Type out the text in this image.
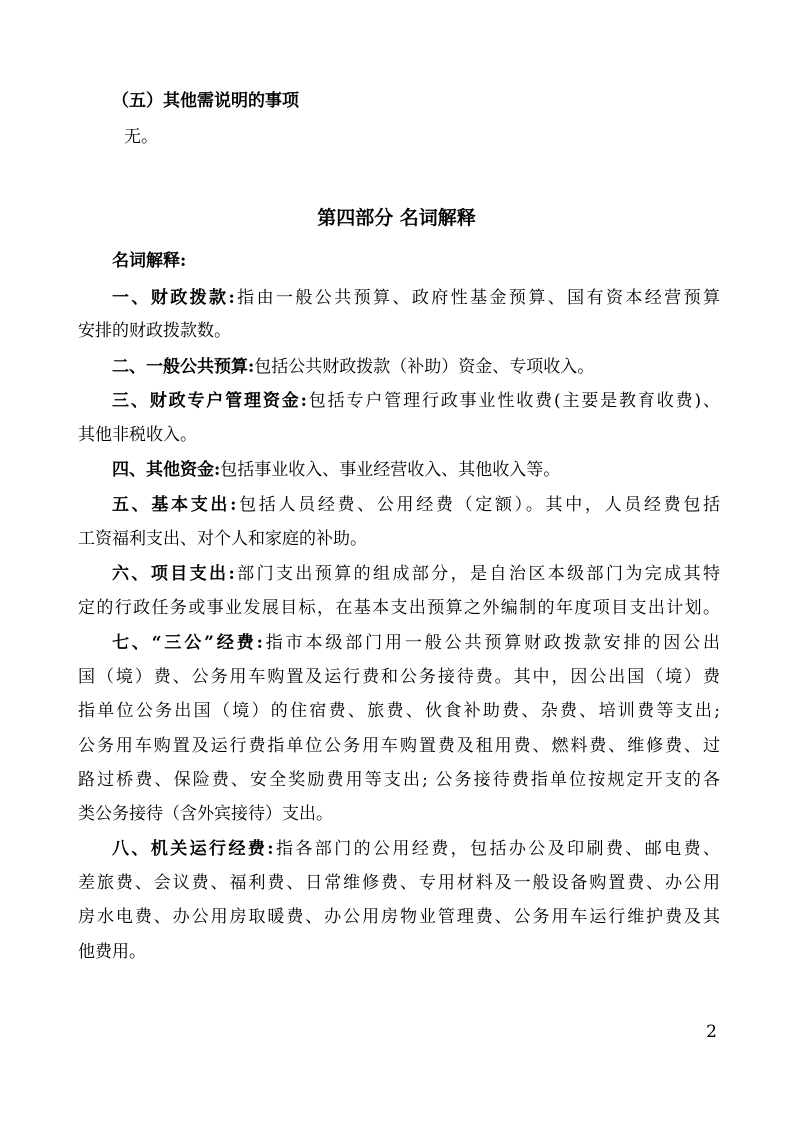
（五）其他需说明的事项
无。
第四部分 名词解释
名词解释:
一、财政拨款:指由一般公共预算、政府性基金预算、国有资本经营预算
安排的财政拨款数。
二、一般公共预算:包括公共财政拨款（补助）资金、专项收入。
三、财政专户管理资金:包括专户管理行政事业性收费(主要是教育收费)、
其他非税收入。
四、其他资金:包括事业收入、事业经营收入、其他收入等。
五、基本支出:包括人员经费、公用经费（定额）。其中，人员经费包括
工资福利支出、对个人和家庭的补助。
六、项目支出:部门支出预算的组成部分，是自治区本级部门为完成其特
定的行政任务或事业发展目标，在基本支出预算之外编制的年度项目支出计划。
七、“三公”经费:指市本级部门用一般公共预算财政拨款安排的因公出
国（境）费、公务用车购置及运行费和公务接待费。其中，因公出国（境）费
指单位公务出国（境）的住宿费、旅费、伙食补助费、杂费、培训费等支出;
公务用车购置及运行费指单位公务用车购置费及租用费、燃料费、维修费、过
路过桥费、保险费、安全奖励费用等支出; 公务接待费指单位按规定开支的各
类公务接待（含外宾接待）支出。
八、机关运行经费:指各部门的公用经费，包括办公及印刷费、邮电费、
差旅费、会议费、福利费、日常维修费、专用材料及一般设备购置费、办公用
房水电费、办公用房取暖费、办公用房物业管理费、公务用车运行维护费及其
他费用。
2
